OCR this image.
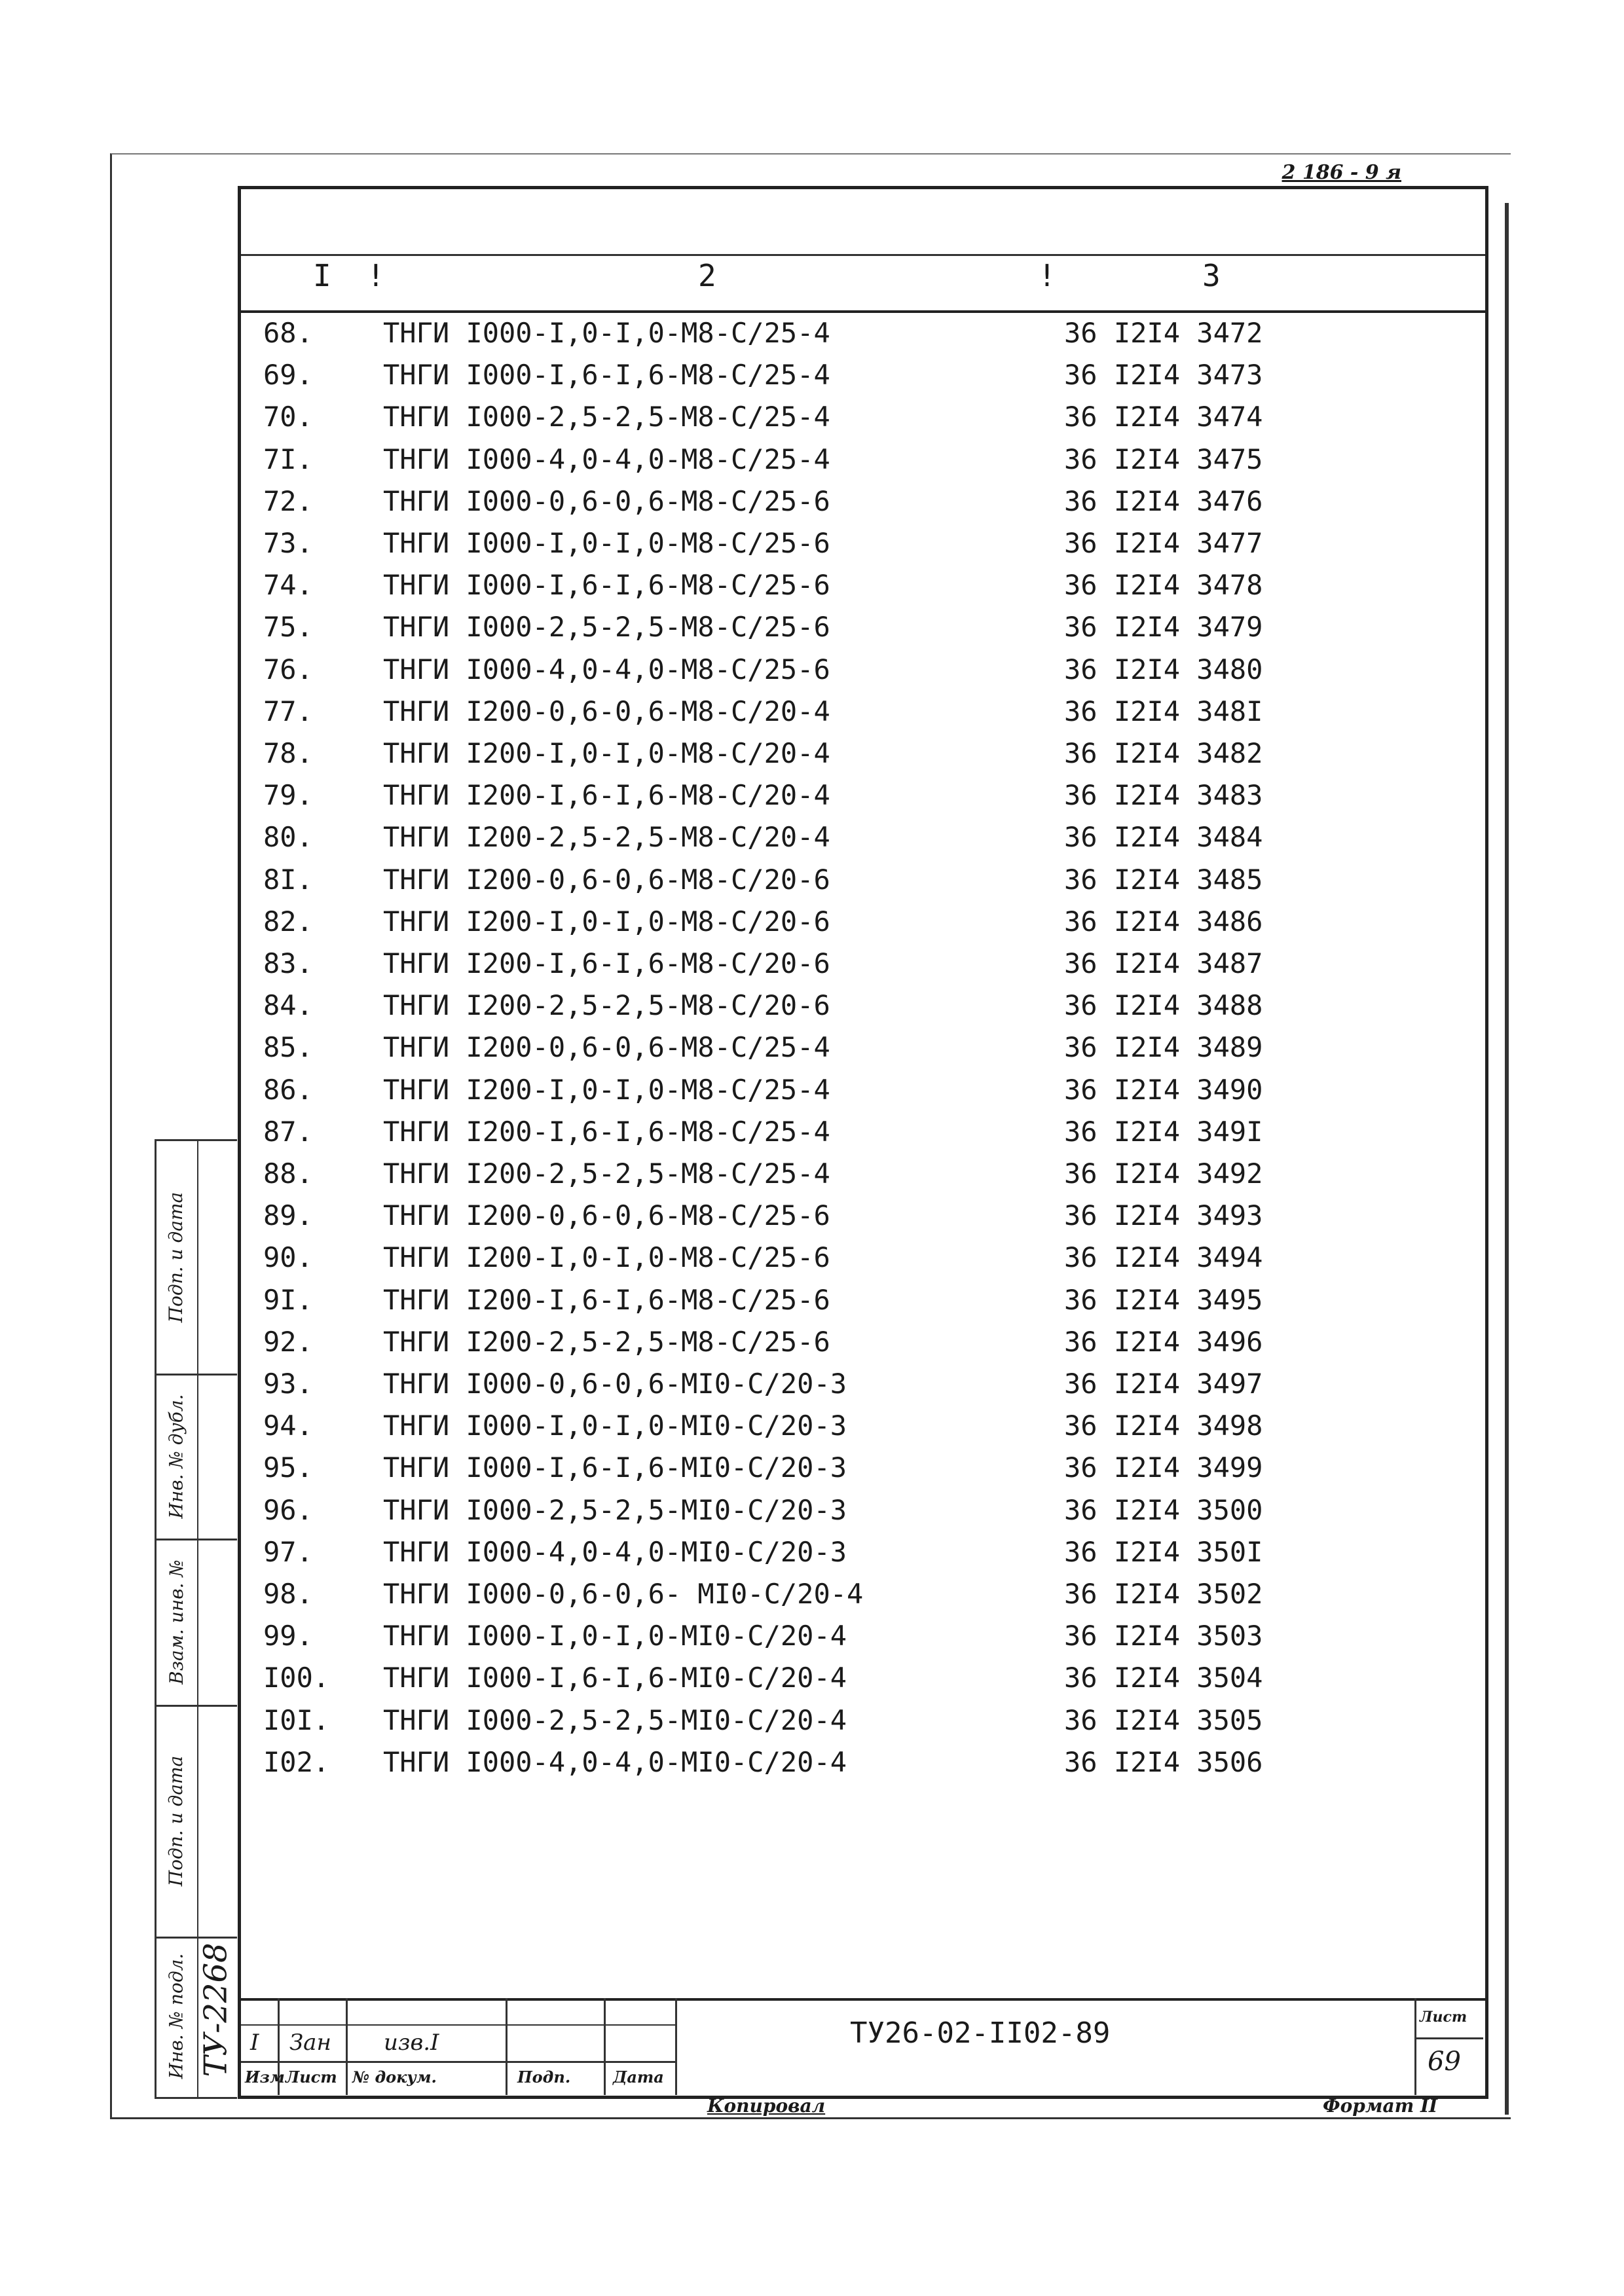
2 186 - 9 я
I !	2	!	3
68.	ТНГИ I000-I,0-I,0-M8-C/25-4	36 I2I4 3472
69.	ТНГИ I000-I,6-I,6-M8-C/25-4	36 I2I4 3473
70.	ТНГИ I000-2,5-2,5-M8-C/25-4	36 I2I4 3474
7I.	ТНГИ I000-4,0-4,0-M8-C/25-4	36 I2I4 3475
72.	ТНГИ I000-0,6-0,6-M8-C/25-6	36 I2I4 3476
73.	ТНГИ I000-I,0-I,0-M8-C/25-6	36 I2I4 3477
74.	ТНГИ I000-I,6-I,6-M8-C/25-6	36 I2I4 3478
75.	ТНГИ I000-2,5-2,5-M8-C/25-6	36 I2I4 3479
76.	ТНГИ I000-4,0-4,0-M8-C/25-6	36 I2I4 3480
77.	ТНГИ I200-0,6-0,6-M8-C/20-4	36 I2I4 348I
78.	ТНГИ I200-I,0-I,0-M8-C/20-4	36 I2I4 3482
79.	ТНГИ I200-I,6-I,6-M8-C/20-4	36 I2I4 3483
80.	ТНГИ I200-2,5-2,5-M8-C/20-4	36 I2I4 3484
8I.	ТНГИ I200-0,6-0,6-M8-C/20-6	36 I2I4 3485
82.	ТНГИ I200-I,0-I,0-M8-C/20-6	36 I2I4 3486
83.	ТНГИ I200-I,6-I,6-M8-C/20-6	36 I2I4 3487
84.	ТНГИ I200-2,5-2,5-M8-C/20-6	36 I2I4 3488
85.	ТНГИ I200-0,6-0,6-M8-C/25-4	36 I2I4 3489
86.	ТНГИ I200-I,0-I,0-M8-C/25-4	36 I2I4 3490
87.	ТНГИ I200-I,6-I,6-M8-C/25-4	36 I2I4 349I
88.	ТНГИ I200-2,5-2,5-M8-C/25-4	36 I2I4 3492
89.	ТНГИ I200-0,6-0,6-M8-C/25-6	36 I2I4 3493
90.	ТНГИ I200-I,0-I,0-M8-C/25-6	36 I2I4 3494
9I.	ТНГИ I200-I,6-I,6-M8-C/25-6	36 I2I4 3495
92.	ТНГИ I200-2,5-2,5-M8-C/25-6	36 I2I4 3496
93.	ТНГИ I000-0,6-0,6-MI0-C/20-3	36 I2I4 3497
94.	ТНГИ I000-I,0-I,0-MI0-C/20-3	36 I2I4 3498
95.	ТНГИ I000-I,6-I,6-MI0-C/20-3	36 I2I4 3499
96.	ТНГИ I000-2,5-2,5-MI0-C/20-3	36 I2I4 3500
97.	ТНГИ I000-4,0-4,0-MI0-C/20-3	36 I2I4 350I
98.	ТНГИ I000-0,6-0,6- MI0-C/20-4	36 I2I4 3502
99.	ТНГИ I000-I,0-I,0-MI0-C/20-4	36 I2I4 3503
I00. ТНГИ I000-I,6-I,6-MI0-C/20-4	36 I2I4 3504
I0I. ТНГИ I000-2,5-2,5-MI0-C/20-4	36 I2I4 3505
I02. ТНГИ I000-4,0-4,0-MI0-C/20-4	36 I2I4 3506
I Зан изв.I
Изм Лист № докум.	Подп.	Дата
ТУ26-02-II02-89	Лист
69
Копировал	Формат II
Подп. и дата
Инв. № дубл.
Взам. инв. №
Подп. и дата
Инв. № подл. ТУ-2268
